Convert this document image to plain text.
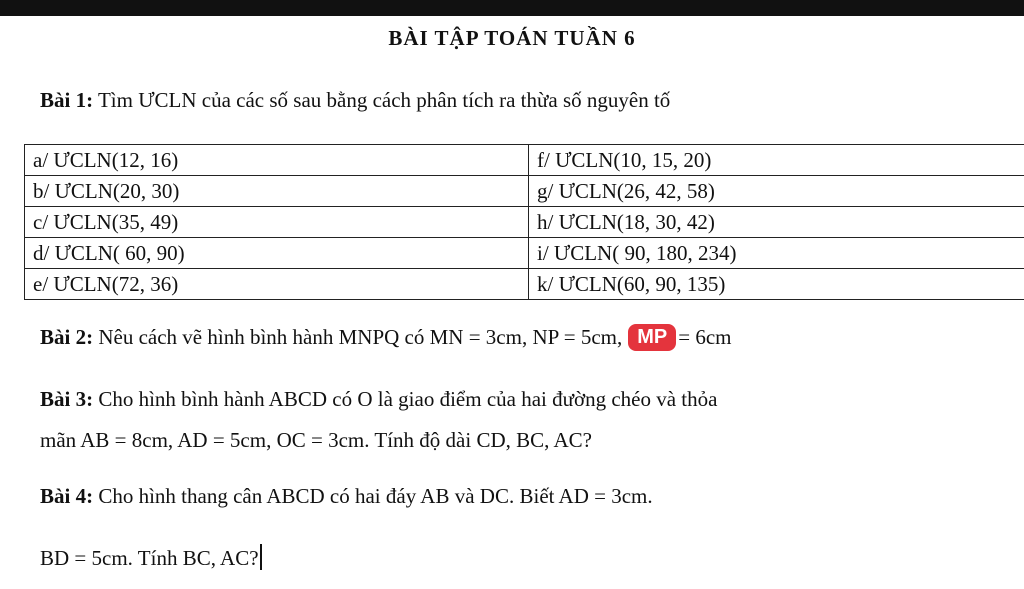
BÀI TẬP TOÁN TUẦN 6
Bài 1: Tìm ƯCLN của các số sau bằng cách phân tích ra thừa số nguyên tố
a/ ƯCLN(12, 16)	f/ ƯCLN(10, 15, 20)
b/ ƯCLN(20, 30)	g/ ƯCLN(26, 42, 58)
c/ ƯCLN(35, 49)	h/ ƯCLN(18, 30, 42)
d/ ƯCLN( 60, 90)	i/ ƯCLN( 90, 180, 234)
e/ ƯCLN(72, 36)	k/ ƯCLN(60, 90, 135)
Bài 2: Nêu cách vẽ hình bình hành MNPQ có MN = 3cm, NP = 5cm, MP = 6cm
Bài 3: Cho hình bình hành ABCD có O là giao điểm của hai đường chéo và thỏa
mãn AB = 8cm, AD = 5cm, OC = 3cm. Tính độ dài CD, BC, AC?
Bài 4: Cho hình thang cân ABCD có hai đáy AB và DC. Biết AD = 3cm.
BD = 5cm. Tính BC, AC?
